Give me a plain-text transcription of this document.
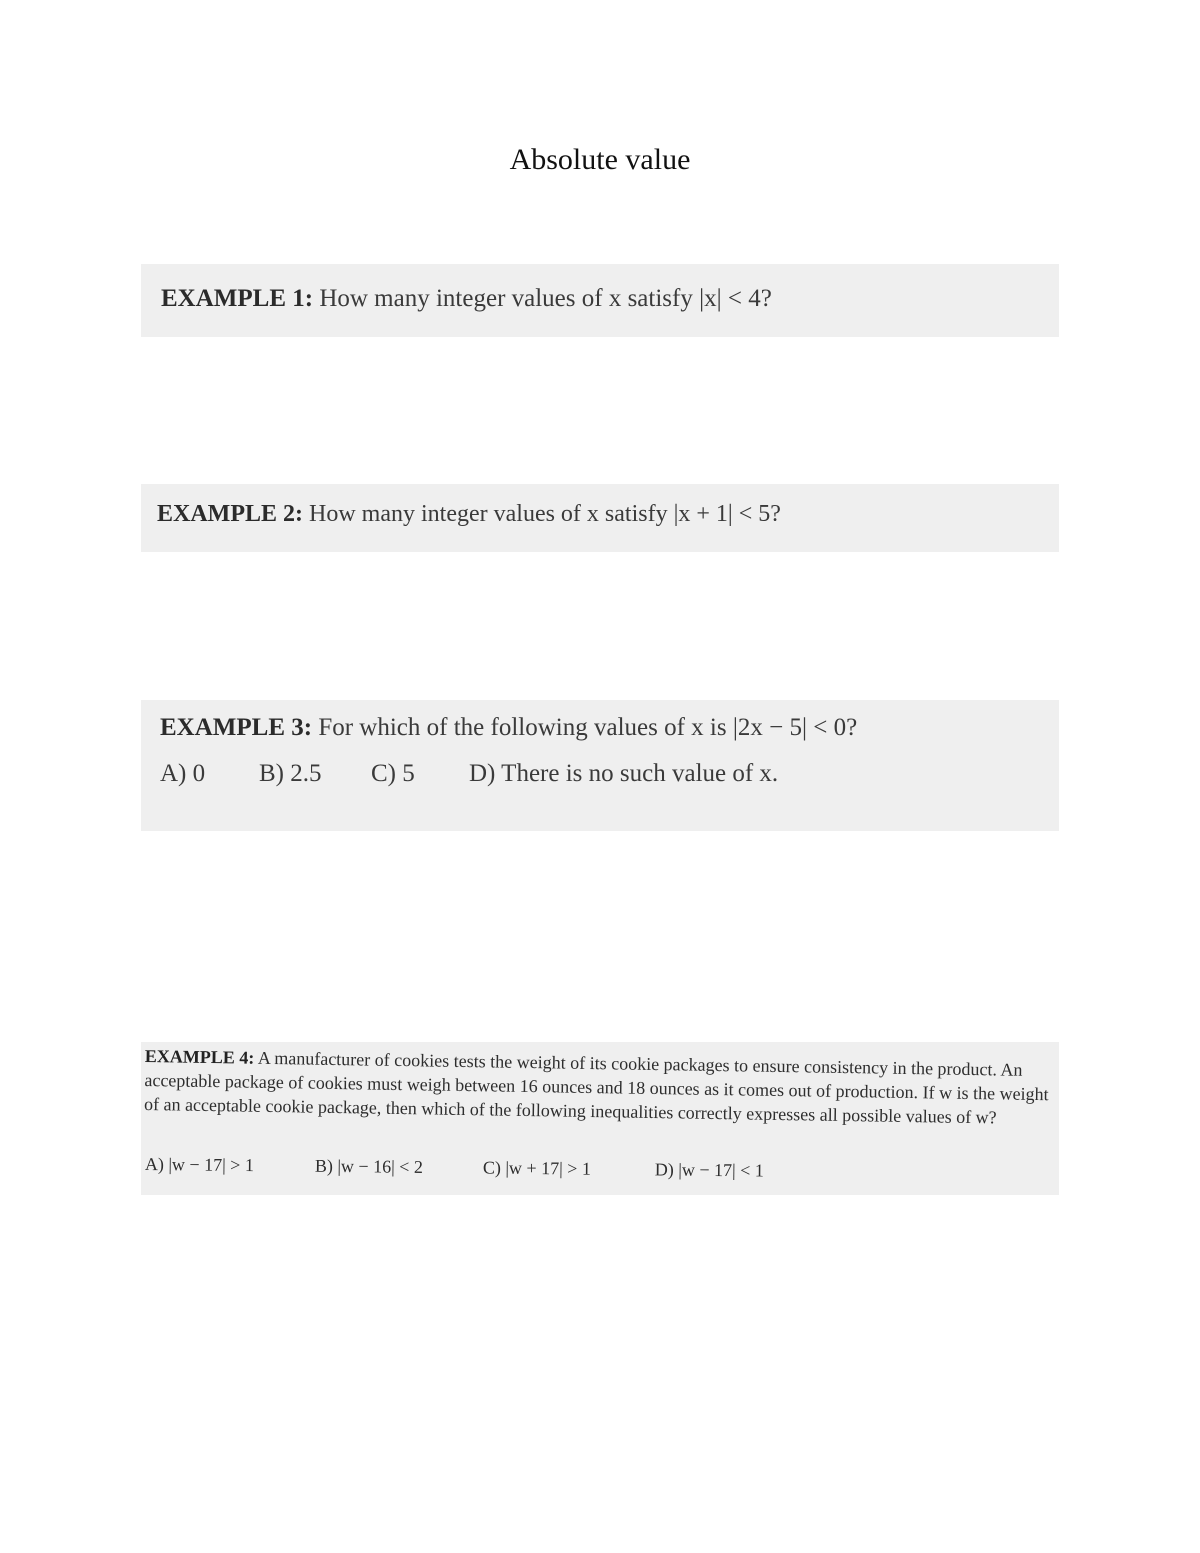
Absolute value
EXAMPLE 1: How many integer values of x satisfy |x| < 4?
EXAMPLE 2: How many integer values of x satisfy |x + 1| < 5?
EXAMPLE 3: For which of the following values of x is |2x − 5| < 0?
A) 0 B) 2.5 C) 5 D) There is no such value of x.
EXAMPLE 4: A manufacturer of cookies tests the weight of its cookie packages to ensure consistency in the product. An acceptable package of cookies must weigh between 16 ounces and 18 ounces as it comes out of production. If w is the weight of an acceptable cookie package, then which of the following inequalities correctly expresses all possible values of w?
A) |w − 17| > 1	B) |w − 16| < 2	C) |w + 17| > 1	D) |w − 17| < 1
